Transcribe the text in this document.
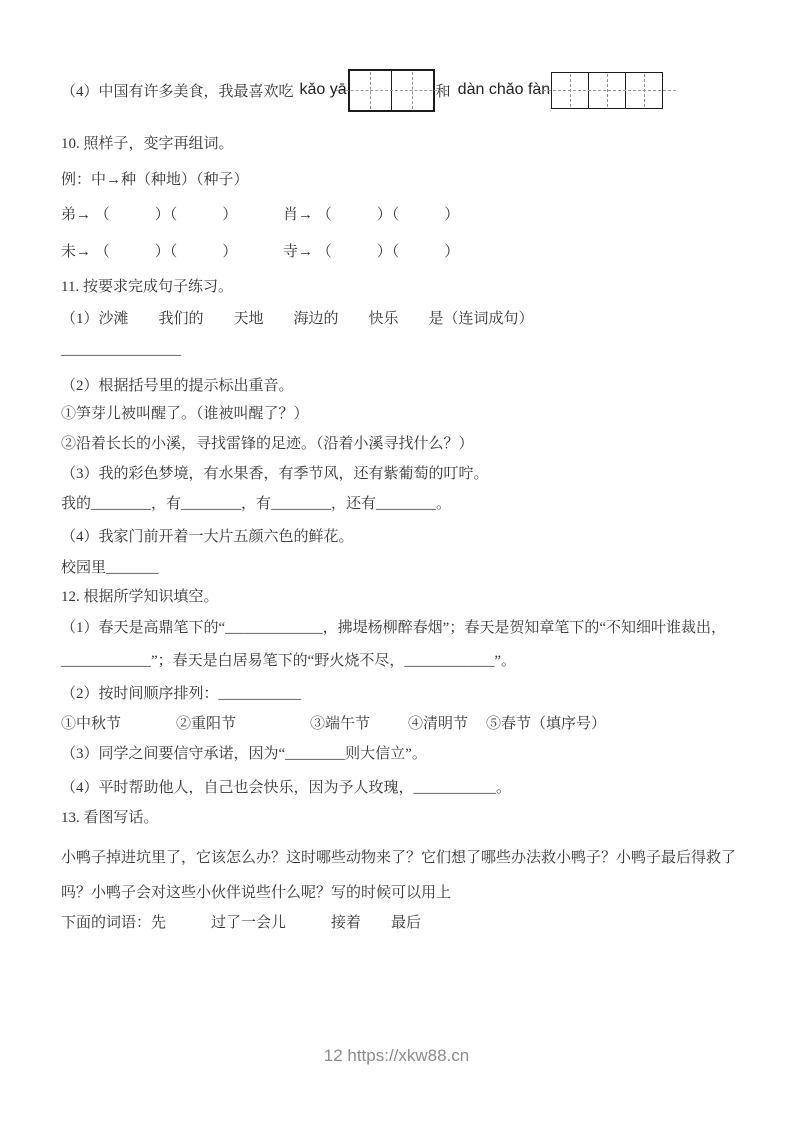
（4）中国有许多美食，我最喜欢吃 kǎo yā	和 dàn chǎo fàn

10. 照样子，变字再组词。

例：中→种（种地）（种子）

弟→ （　　　）（　　　）	肖→ （　　　）（　　　）

未→ （　　　）（　　　）	寺→ （　　　）（　　　）

11. 按要求完成句子练习。

（1）沙滩　　我们的　　天地　　海边的　　快乐　　是（连词成句）

________________

（2）根据括号里的提示标出重音。

①笋芽儿被叫醒了。（谁被叫醒了？）

②沿着长长的小溪，寻找雷锋的足迹。（沿着小溪寻找什么？）

（3）我的彩色梦境，有水果香，有季节风，还有紫葡萄的叮咛。

我的________，有________，有________，还有________。

（4）我家门前开着一大片五颜六色的鲜花。

校园里_______

12. 根据所学知识填空。

（1）春天是高鼎笔下的“_____________，拂堤杨柳醉春烟”；春天是贺知章笔下的“不知细叶谁裁出，

____________”；春天是白居易笔下的“野火烧不尽，____________”。

（2）按时间顺序排列：___________

①中秋节	②重阳节	③端午节	④清明节 ⑤春节（填序号）

（3）同学之间要信守承诺，因为“________则大信立”。

（4）平时帮助他人，自己也会快乐，因为予人玫瑰，___________。

13. 看图写话。

小鸭子掉进坑里了，它该怎么办？这时哪些动物来了？它们想了哪些办法救小鸭子？小鸭子最后得救了

吗？小鸭子会对这些小伙伴说些什么呢？写的时候可以用上

下面的词语：先　　　过了一会儿　　　接着　　最后

12 https://xkw88.cn
